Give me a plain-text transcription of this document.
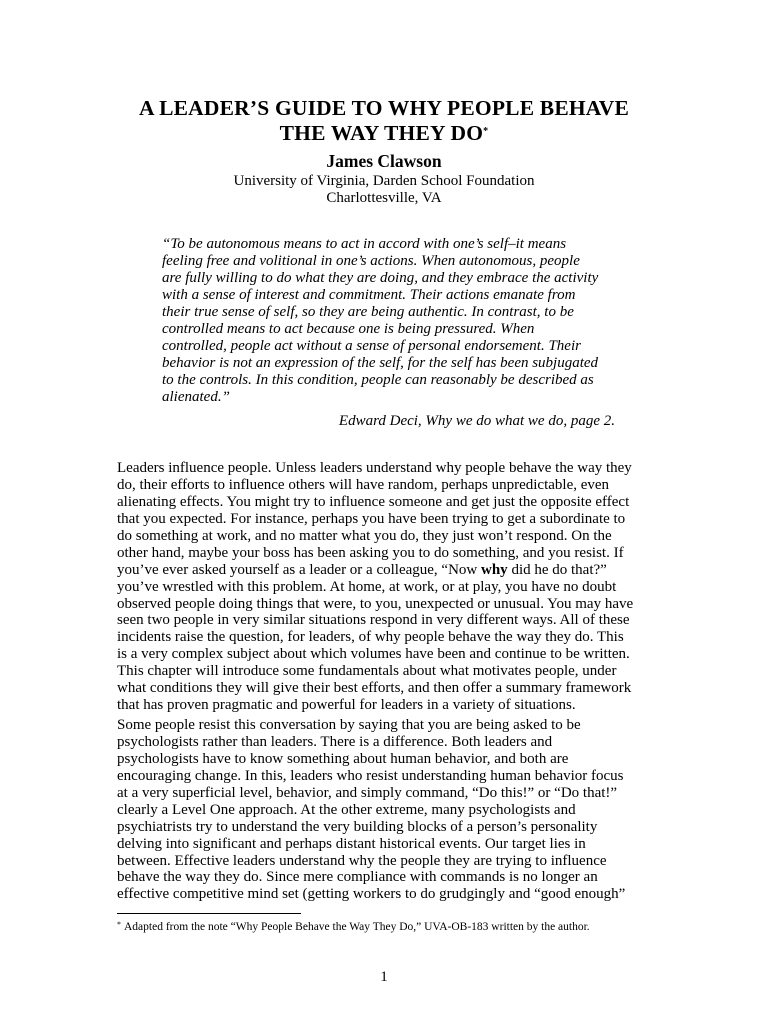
A LEADER’S GUIDE TO WHY PEOPLE BEHAVE
THE WAY THEY DO*
James Clawson
University of Virginia, Darden School Foundation
Charlottesville, VA
“To be autonomous means to act in accord with one’s self–it means
feeling free and volitional in one’s actions. When autonomous, people
are fully willing to do what they are doing, and they embrace the activity
with a sense of interest and commitment. Their actions emanate from
their true sense of self, so they are being authentic. In contrast, to be
controlled means to act because one is being pressured. When
controlled, people act without a sense of personal endorsement. Their
behavior is not an expression of the self, for the self has been subjugated
to the controls. In this condition, people can reasonably be described as
alienated.”
Edward Deci, Why we do what we do, page 2.
Leaders influence people. Unless leaders understand why people behave the way they
do, their efforts to influence others will have random, perhaps unpredictable, even
alienating effects. You might try to influence someone and get just the opposite effect
that you expected. For instance, perhaps you have been trying to get a subordinate to
do something at work, and no matter what you do, they just won’t respond. On the
other hand, maybe your boss has been asking you to do something, and you resist. If
you’ve ever asked yourself as a leader or a colleague, “Now why did he do that?”
you’ve wrestled with this problem. At home, at work, or at play, you have no doubt
observed people doing things that were, to you, unexpected or unusual. You may have
seen two people in very similar situations respond in very different ways. All of these
incidents raise the question, for leaders, of why people behave the way they do. This
is a very complex subject about which volumes have been and continue to be written.
This chapter will introduce some fundamentals about what motivates people, under
what conditions they will give their best efforts, and then offer a summary framework
that has proven pragmatic and powerful for leaders in a variety of situations.
Some people resist this conversation by saying that you are being asked to be
psychologists rather than leaders. There is a difference. Both leaders and
psychologists have to know something about human behavior, and both are
encouraging change. In this, leaders who resist understanding human behavior focus
at a very superficial level, behavior, and simply command, “Do this!” or “Do that!”
clearly a Level One approach. At the other extreme, many psychologists and
psychiatrists try to understand the very building blocks of a person’s personality
delving into significant and perhaps distant historical events. Our target lies in
between. Effective leaders understand why the people they are trying to influence
behave the way they do. Since mere compliance with commands is no longer an
effective competitive mind set (getting workers to do grudgingly and “good enough”
* Adapted from the note “Why People Behave the Way They Do,” UVA-OB-183 written by the author.
1
